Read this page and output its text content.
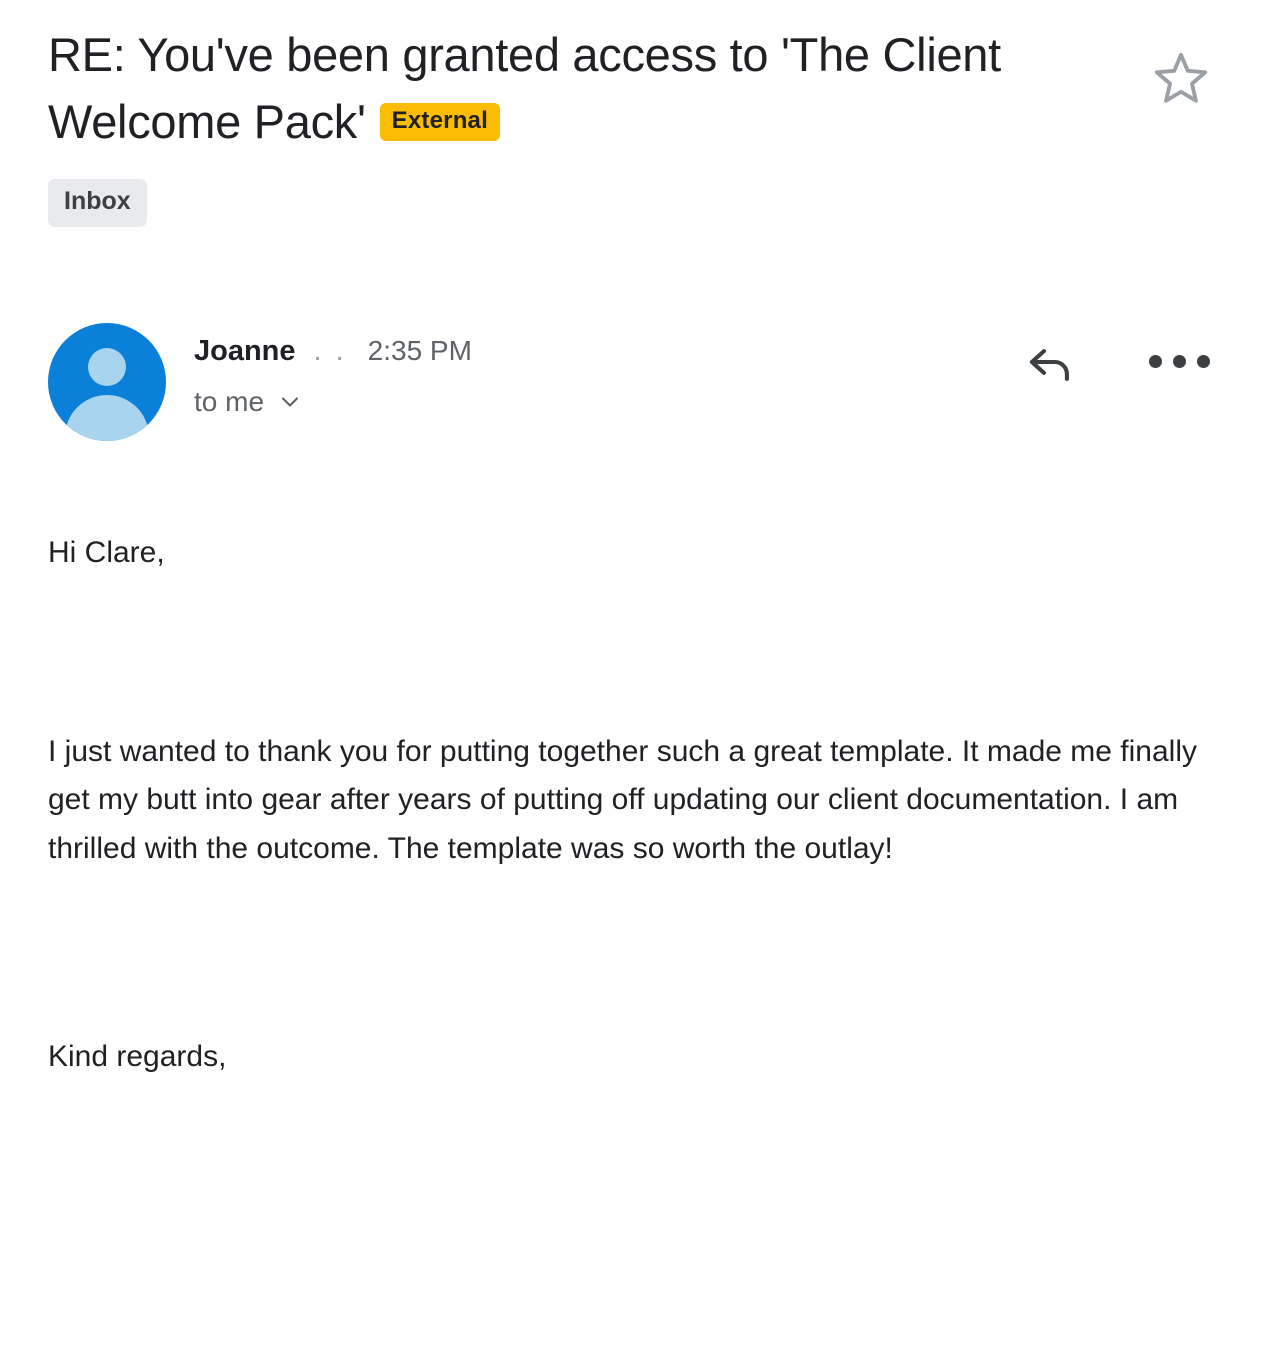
RE: You've been granted access to 'The Client Welcome Pack' External
Inbox
Joanne .. 2:35 PM
to me

Hi Clare,

I just wanted to thank you for putting together such a great template. It made me finally get my butt into gear after years of putting off updating our client documentation. I am thrilled with the outcome. The template was so worth the outlay!

Kind regards,
